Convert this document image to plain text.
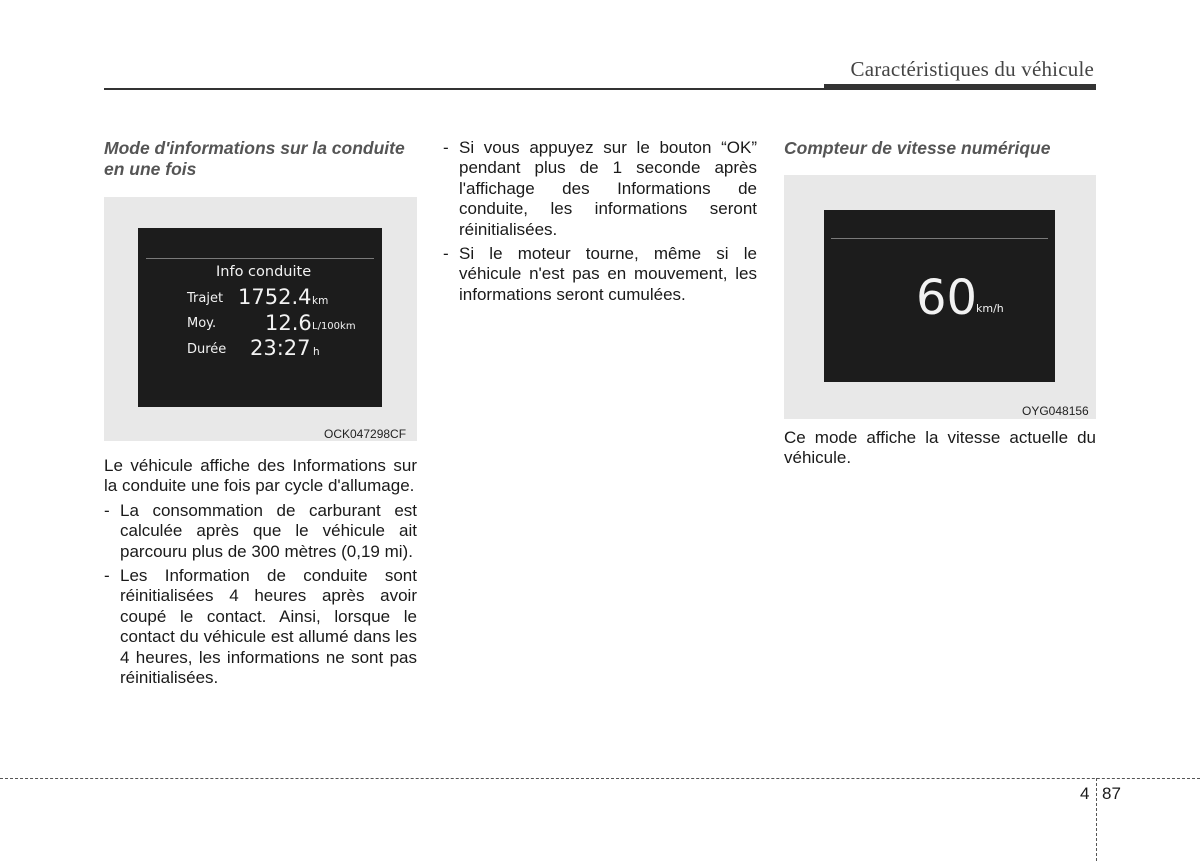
Caractéristiques du véhicule

Mode d'informations sur la conduite en une fois

Info conduite
Trajet 1752.4 km
Moy. 12.6 L/100km
Durée 23:27 h
OCK047298CF

Le véhicule affiche des Informations sur la conduite une fois par cycle d'allumage.

- La consommation de carburant est calculée après que le véhicule ait parcouru plus de 300 mètres (0,19 mi).
- Les Information de conduite sont réinitialisées 4 heures après avoir coupé le contact. Ainsi, lorsque le contact du véhicule est allumé dans les 4 heures, les informations ne sont pas réinitialisées.
- Si vous appuyez sur le bouton “OK” pendant plus de 1 seconde après l'affichage des Informations de conduite, les informations seront réinitialisées.
- Si le moteur tourne, même si le véhicule n'est pas en mouvement, les informations seront cumulées.

Compteur de vitesse numérique

60
km/h
OYG048156

Ce mode affiche la vitesse actuelle du véhicule.

4 87
